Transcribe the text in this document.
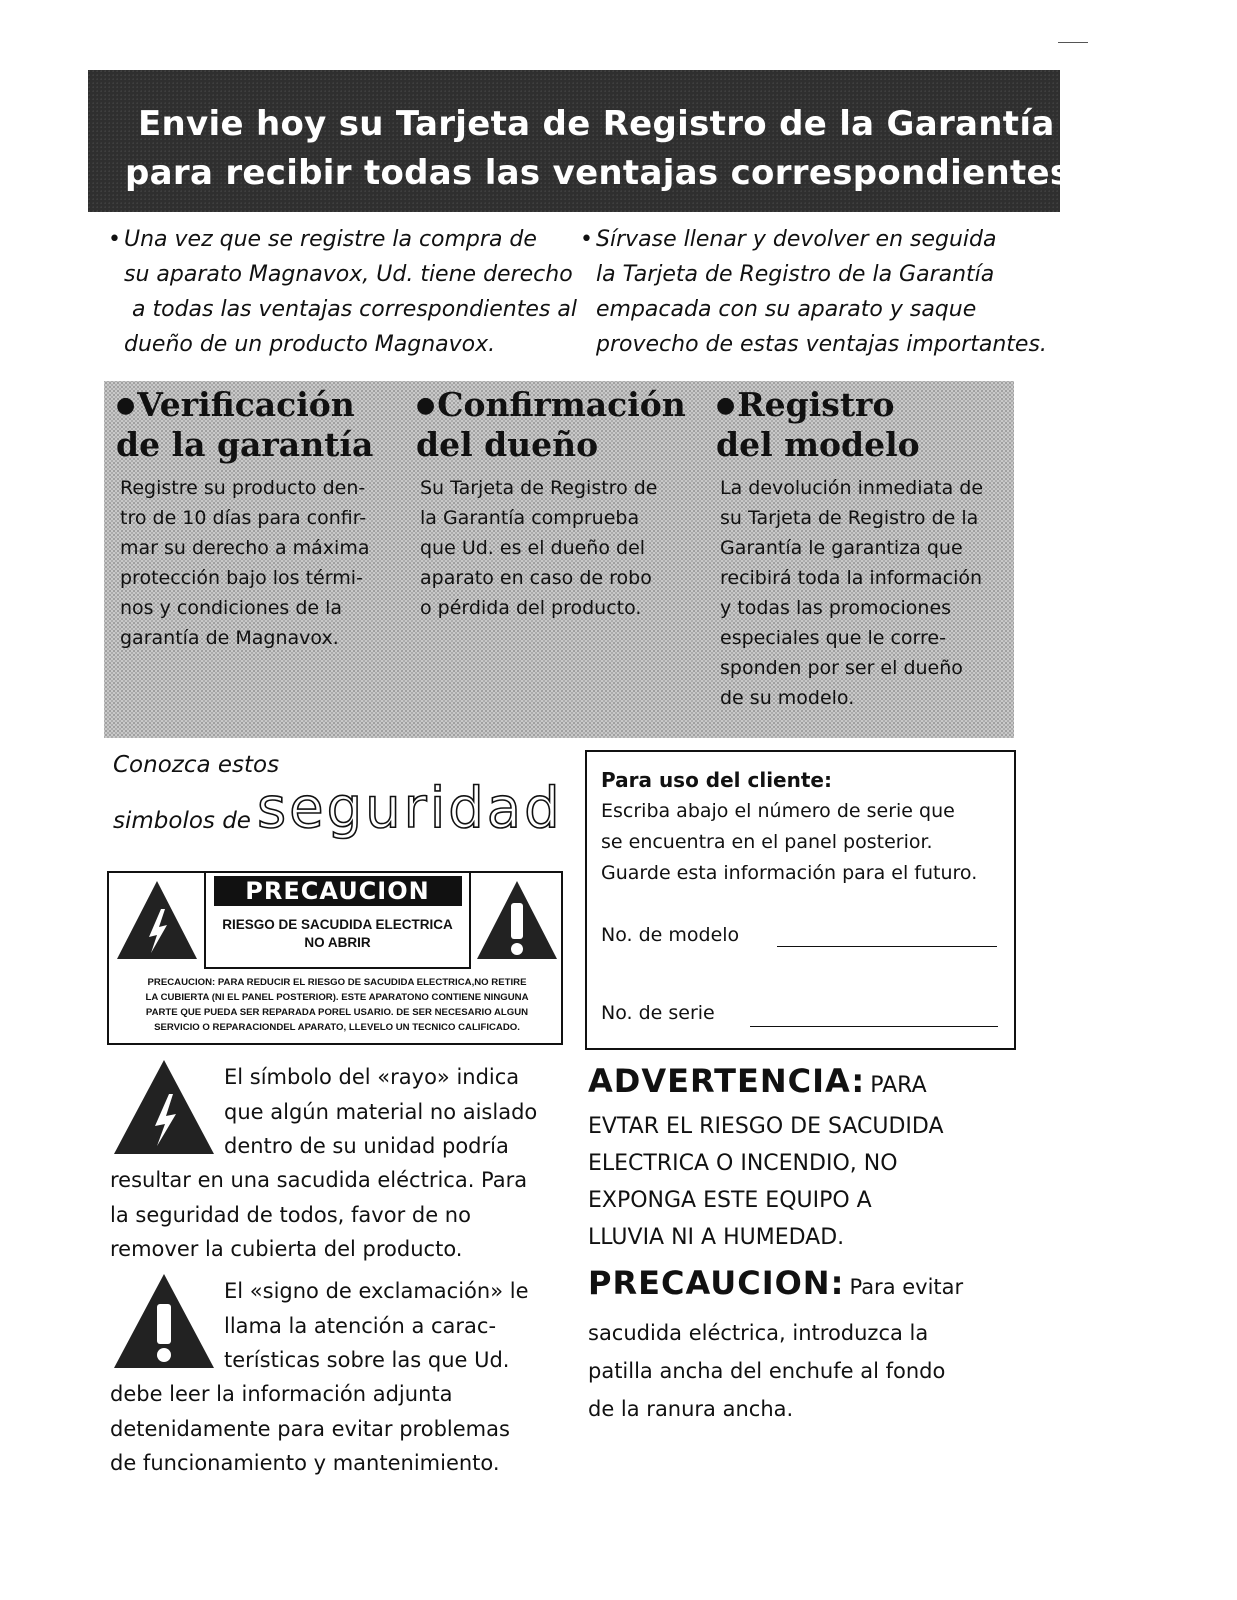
Envie hoy su Tarjeta de Registro de la Garantía
para recibir todas las ventajas correspondientes.
• Una vez que se registre la compra de
su aparato Magnavox, Ud. tiene derecho
a todas las ventajas correspondientes al
dueño de un producto Magnavox.
• Sírvase llenar y devolver en seguida
la Tarjeta de Registro de la Garantía
empacada con su aparato y saque
provecho de estas ventajas importantes.
●Verificación
de la garantía
Registre su producto den-
tro de 10 días para confir-
mar su derecho a máxima
protección bajo los térmi-
nos y condiciones de la
garantía de Magnavox.
●Confirmación
del dueño
Su Tarjeta de Registro de
la Garantía comprueba
que Ud. es el dueño del
aparato en caso de robo
o pérdida del producto.
●Registro
del modelo
La devolución inmediata de
su Tarjeta de Registro de la
Garantía le garantiza que
recibirá toda la información
y todas las promociones
especiales que le corre-
sponden por ser el dueño
de su modelo.
Conozca estos
simbolos de seguridad
PRECAUCION
RIESGO DE SACUDIDA ELECTRICA
NO ABRIR
PRECAUCION: PARA REDUCIR EL RIESGO DE SACUDIDA ELECTRICA,NO RETIRE
LA CUBIERTA (NI EL PANEL POSTERIOR). ESTE APARATONO CONTIENE NINGUNA
PARTE QUE PUEDA SER REPARADA POREL USARIO. DE SER NECESARIO ALGUN
SERVICIO O REPARACIONDEL APARATO, LLEVELO UN TECNICO CALIFICADO.
Para uso del cliente:
Escriba abajo el número de serie que
se encuentra en el panel posterior.
Guarde esta información para el futuro.
No. de modelo
No. de serie
El símbolo del «rayo» indica
que algún material no aislado
dentro de su unidad podría
resultar en una sacudida eléctrica. Para
la seguridad de todos, favor de no
remover la cubierta del producto.
El «signo de exclamación» le
llama la atención a carac-
terísticas sobre las que Ud.
debe leer la información adjunta
detenidamente para evitar problemas
de funcionamiento y mantenimiento.
ADVERTENCIA: PARA
EVTAR EL RIESGO DE SACUDIDA
ELECTRICA O INCENDIO, NO
EXPONGA ESTE EQUIPO A
LLUVIA NI A HUMEDAD.
PRECAUCION: Para evitar
sacudida eléctrica, introduzca la
patilla ancha del enchufe al fondo
de la ranura ancha.
